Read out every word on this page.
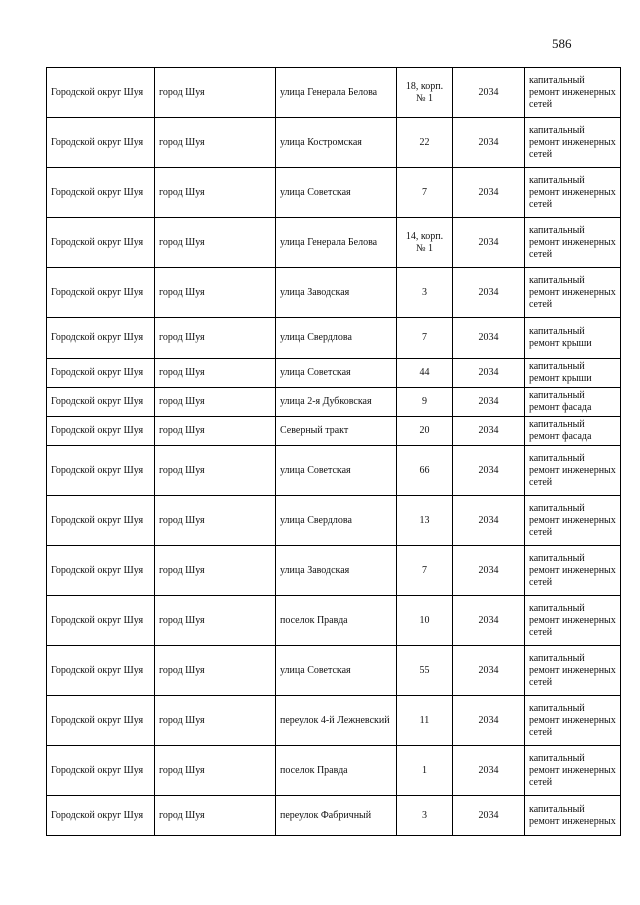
586
Городской округ Шуя	город Шуя	улица Генерала Белова	18, корп. № 1	2034	капитальный ремонт инженерных сетей
Городской округ Шуя	город Шуя	улица Костромская	22	2034	капитальный ремонт инженерных сетей
Городской округ Шуя	город Шуя	улица Советская	7	2034	капитальный ремонт инженерных сетей
Городской округ Шуя	город Шуя	улица Генерала Белова	14, корп. № 1	2034	капитальный ремонт инженерных сетей
Городской округ Шуя	город Шуя	улица Заводская	3	2034	капитальный ремонт инженерных сетей
Городской округ Шуя	город Шуя	улица Свердлова	7	2034	капитальный ремонт крыши
Городской округ Шуя	город Шуя	улица Советская	44	2034	капитальный ремонт крыши
Городской округ Шуя	город Шуя	улица 2-я Дубковская	9	2034	капитальный ремонт фасада
Городской округ Шуя	город Шуя	Северный тракт	20	2034	капитальный ремонт фасада
Городской округ Шуя	город Шуя	улица Советская	66	2034	капитальный ремонт инженерных сетей
Городской округ Шуя	город Шуя	улица Свердлова	13	2034	капитальный ремонт инженерных сетей
Городской округ Шуя	город Шуя	улица Заводская	7	2034	капитальный ремонт инженерных сетей
Городской округ Шуя	город Шуя	поселок Правда	10	2034	капитальный ремонт инженерных сетей
Городской округ Шуя	город Шуя	улица Советская	55	2034	капитальный ремонт инженерных сетей
Городской округ Шуя	город Шуя	переулок 4-й Лежневский	11	2034	капитальный ремонт инженерных сетей
Городской округ Шуя	город Шуя	поселок Правда	1	2034	капитальный ремонт инженерных сетей
Городской округ Шуя	город Шуя	переулок Фабричный	3	2034	капитальный ремонт инженерных
